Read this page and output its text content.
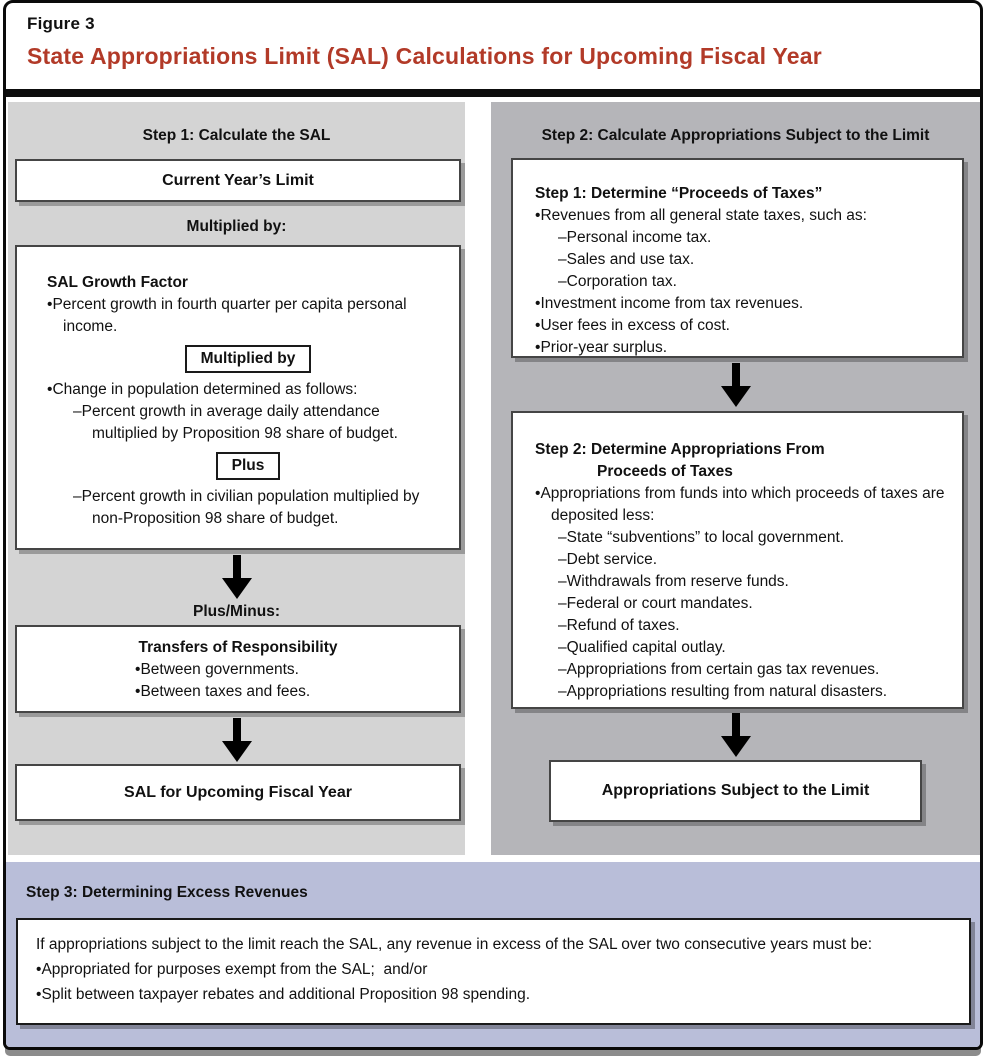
Figure 3
State Appropriations Limit (SAL) Calculations for Upcoming Fiscal Year
Step 1: Calculate the SAL
Current Year’s Limit
Multiplied by:
SAL Growth Factor
• Percent growth in fourth quarter per capita personal income.
Multiplied by
• Change in population determined as follows:
– Percent growth in average daily attendance multiplied by Proposition 98 share of budget.
Plus
– Percent growth in civilian population multiplied by non-Proposition 98 share of budget.
Plus/Minus:
Transfers of Responsibility
• Between governments.
• Between taxes and fees.
SAL for Upcoming Fiscal Year
Step 2: Calculate Appropriations Subject to the Limit
Step 1: Determine “Proceeds of Taxes”
• Revenues from all general state taxes, such as:
– Personal income tax.
– Sales and use tax.
– Corporation tax.
• Investment income from tax revenues.
• User fees in excess of cost.
• Prior-year surplus.
Step 2: Determine Appropriations From
Proceeds of Taxes
• Appropriations from funds into which proceeds of taxes are deposited less:
– State “subventions” to local government.
– Debt service.
– Withdrawals from reserve funds.
– Federal or court mandates.
– Refund of taxes.
– Qualified capital outlay.
– Appropriations from certain gas tax revenues.
– Appropriations resulting from natural disasters.
Appropriations Subject to the Limit
Step 3: Determining Excess Revenues
If appropriations subject to the limit reach the SAL, any revenue in excess of the SAL over two consecutive years must be:
• Appropriated for purposes exempt from the SAL;  and/or
• Split between taxpayer rebates and additional Proposition 98 spending.
